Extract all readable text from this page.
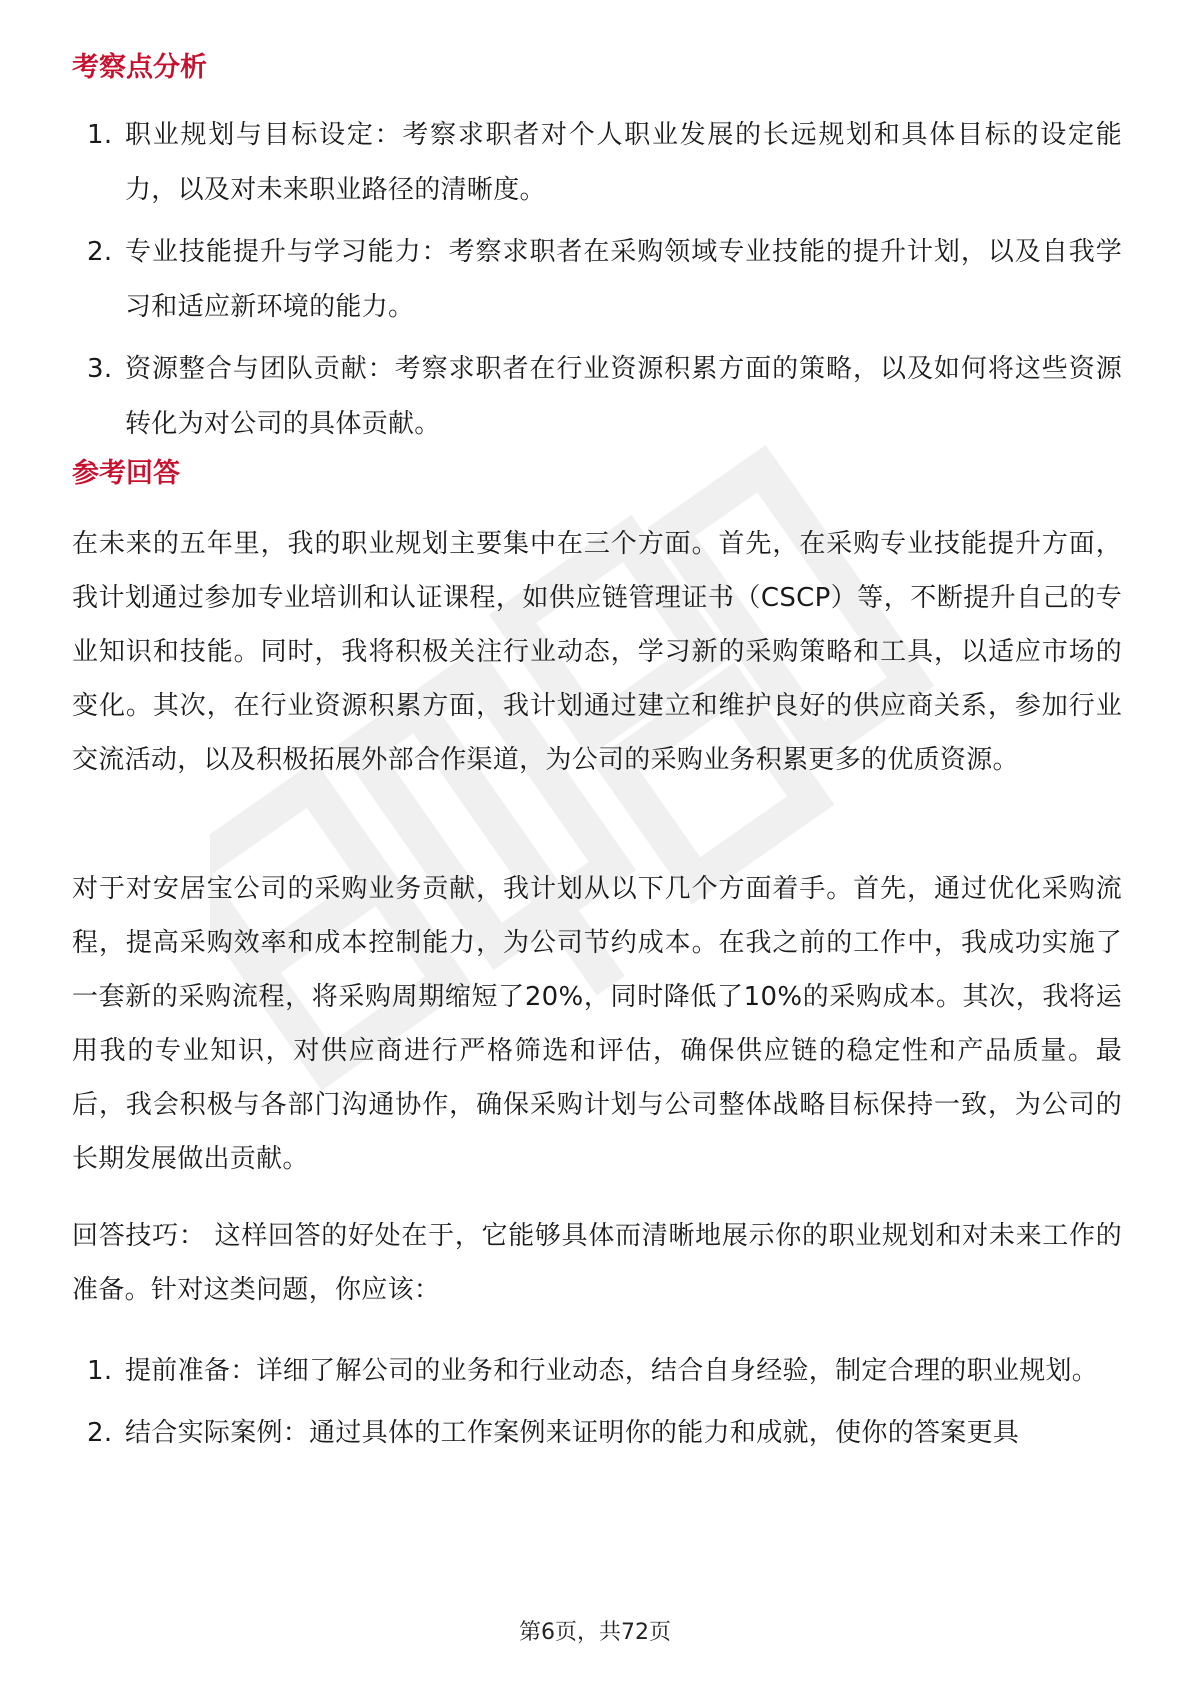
考察点分析
1. 职业规划与目标设定：考察求职者对个人职业发展的长远规划和具体目标的设定能力，以及对未来职业路径的清晰度。
2. 专业技能提升与学习能力：考察求职者在采购领域专业技能的提升计划，以及自我学习和适应新环境的能力。
3. 资源整合与团队贡献：考察求职者在行业资源积累方面的策略，以及如何将这些资源转化为对公司的具体贡献。
参考回答

在未来的五年里，我的职业规划主要集中在三个方面。首先，在采购专业技能提升方面，我计划通过参加专业培训和认证课程，如供应链管理证书（CSCP）等，不断提升自己的专业知识和技能。同时，我将积极关注行业动态，学习新的采购策略和工具，以适应市场的变化。其次，在行业资源积累方面，我计划通过建立和维护良好的供应商关系，参加行业交流活动，以及积极拓展外部合作渠道，为公司的采购业务积累更多的优质资源。

对于对安居宝公司的采购业务贡献，我计划从以下几个方面着手。首先，通过优化采购流程，提高采购效率和成本控制能力，为公司节约成本。在我之前的工作中，我成功实施了一套新的采购流程，将采购周期缩短了20%，同时降低了10%的采购成本。其次，我将运用我的专业知识，对供应商进行严格筛选和评估，确保供应链的稳定性和产品质量。最后，我会积极与各部门沟通协作，确保采购计划与公司整体战略目标保持一致，为公司的长期发展做出贡献。

回答技巧： 这样回答的好处在于，它能够具体而清晰地展示你的职业规划和对未来工作的准备。针对这类问题，你应该：

1. 提前准备：详细了解公司的业务和行业动态，结合自身经验，制定合理的职业规划。
2. 结合实际案例：通过具体的工作案例来证明你的能力和成就，使你的答案更具
第6页，共72页
